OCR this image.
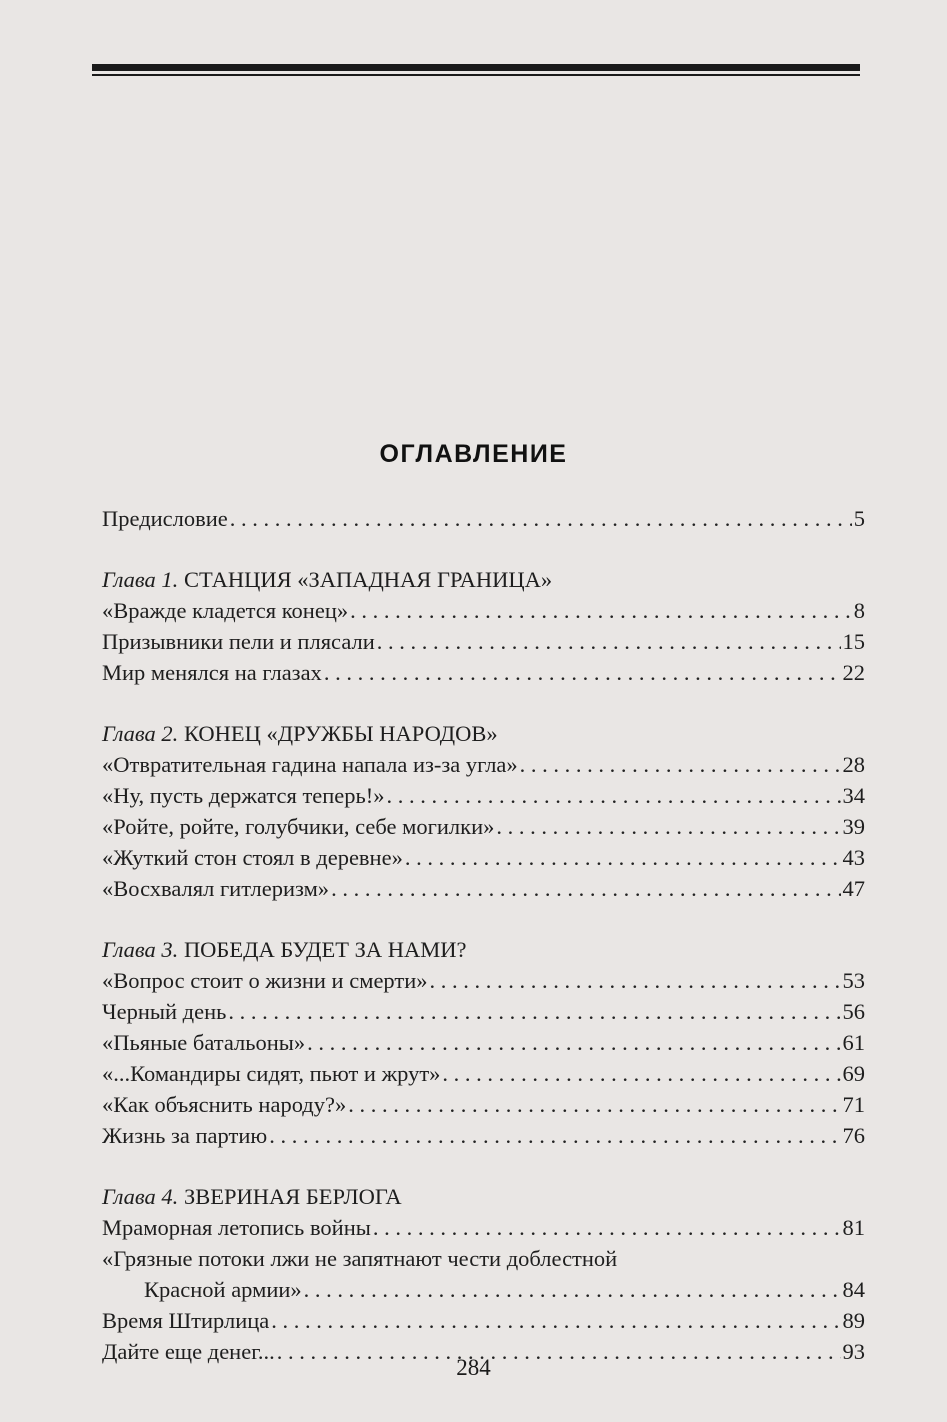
ОГЛАВЛЕНИЕ
Предисловие . . .	5
Глава 1. СТАНЦИЯ «ЗАПАДНАЯ ГРАНИЦА»
«Вражде кладется конец» . . .	8
Призывники пели и плясали . . .	15
Мир менялся на глазах . . .	22
Глава 2. КОНЕЦ «ДРУЖБЫ НАРОДОВ»
«Отвратительная гадина напала из-за угла» . . .	28
«Ну, пусть держатся теперь!» . . .	34
«Ройте, ройте, голубчики, себе могилки» . . .	39
«Жуткий стон стоял в деревне» . . .	43
«Восхвалял гитлеризм» . . .	47
Глава 3. ПОБЕДА БУДЕТ ЗА НАМИ?
«Вопрос стоит о жизни и смерти» . . .	53
Черный день . . .	56
«Пьяные батальоны» . . .	61
«...Командиры сидят, пьют и жрут» . . .	69
«Как объяснить народу?» . . .	71
Жизнь за партию . . .	76
Глава 4. ЗВЕРИНАЯ БЕРЛОГА
Мраморная летопись войны . . .	81
«Грязные потоки лжи не запятнают чести доблестной
Красной армии» . . .	84
Время Штирлица . . .	89
Дайте еще денег... . . .	93
284
